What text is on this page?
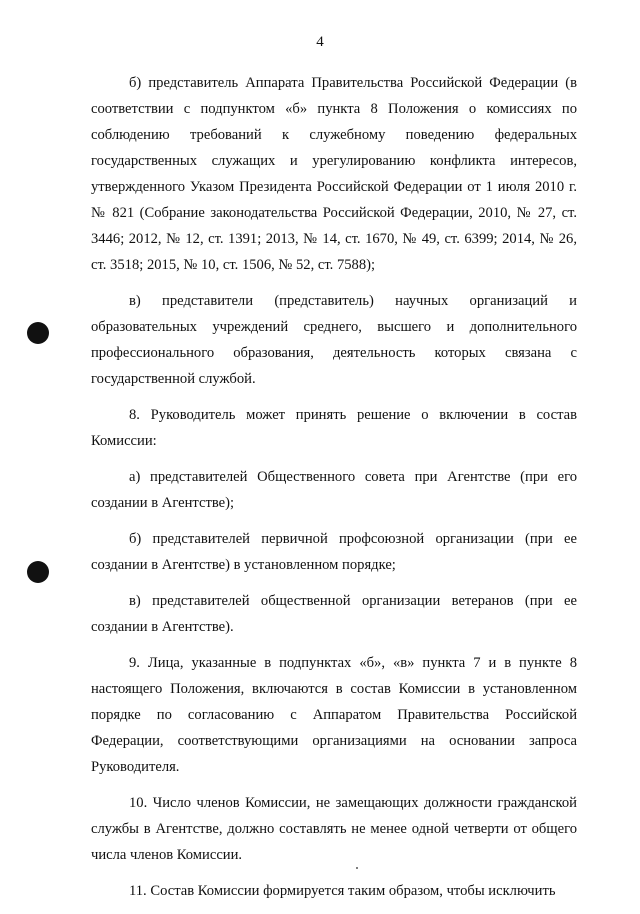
4

б) представитель Аппарата Правительства Российской Федерации (в соответствии с подпунктом «б» пункта 8 Положения о комиссиях по соблюдению требований к служебному поведению федеральных государственных служащих и урегулированию конфликта интересов, утвержденного Указом Президента Российской Федерации от 1 июля 2010 г. № 821 (Собрание законодательства Российской Федерации, 2010, № 27, ст. 3446; 2012, № 12, ст. 1391; 2013, № 14, ст. 1670, № 49, ст. 6399; 2014, № 26, ст. 3518; 2015, № 10, ст. 1506, № 52, ст. 7588);

в) представители (представитель) научных организаций и образовательных учреждений среднего, высшего и дополнительного профессионального образования, деятельность которых связана с государственной службой.

8. Руководитель может принять решение о включении в состав Комиссии:

а) представителей Общественного совета при Агентстве (при его создании в Агентстве);

б) представителей первичной профсоюзной организации (при ее создании в Агентстве) в установленном порядке;

в) представителей общественной организации ветеранов (при ее создании в Агентстве).

9. Лица, указанные в подпунктах «б», «в» пункта 7 и в пункте 8 настоящего Положения, включаются в состав Комиссии в установленном порядке по согласованию с Аппаратом Правительства Российской Федерации, соответствующими организациями на основании запроса Руководителя.

10. Число членов Комиссии, не замещающих должности гражданской службы в Агентстве, должно составлять не менее одной четверти от общего числа членов Комиссии.

11. Состав Комиссии формируется таким образом, чтобы исключить
